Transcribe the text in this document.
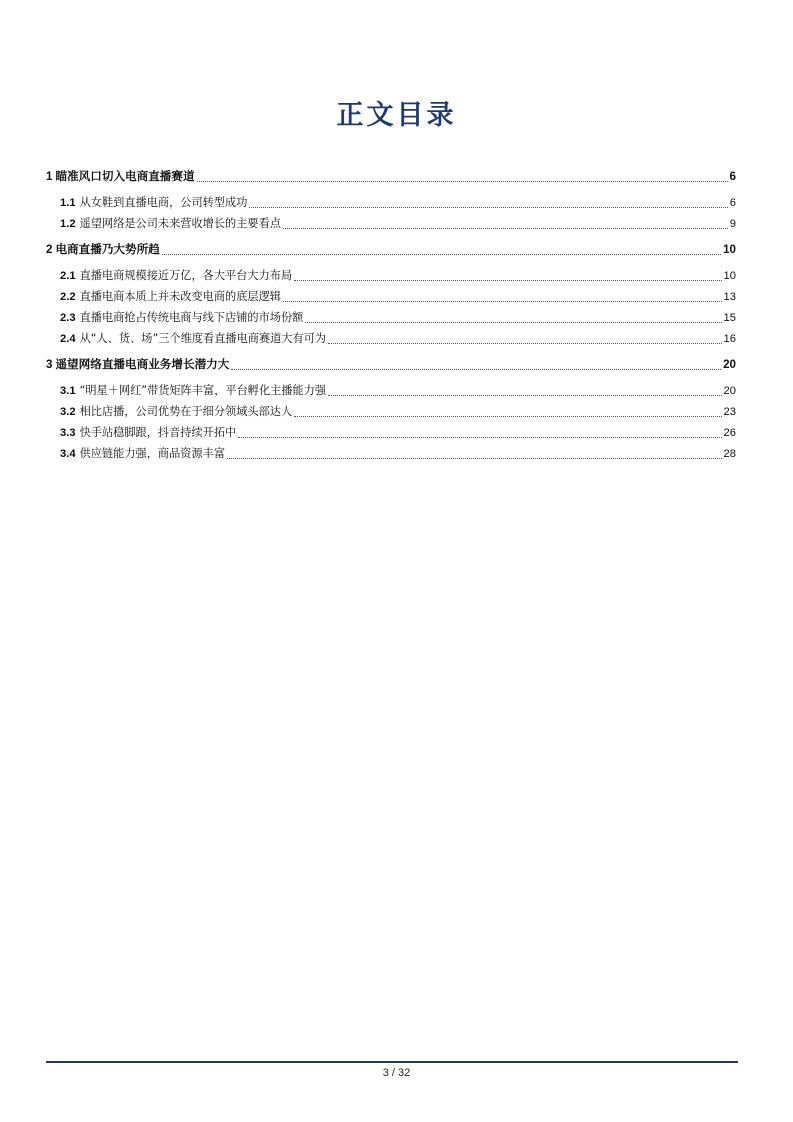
正文目录
1 瞄准风口切入电商直播赛道	6
1.1 从女鞋到直播电商，公司转型成功	6
1.2 遥望网络是公司未来营收增长的主要看点	9
2 电商直播乃大势所趋	10
2.1 直播电商规模接近万亿，各大平台大力布局	10
2.2 直播电商本质上并未改变电商的底层逻辑	13
2.3 直播电商抢占传统电商与线下店铺的市场份额	15
2.4 从“人、货、场”三个维度看直播电商赛道大有可为	16
3 遥望网络直播电商业务增长潜力大	20
3.1 “明星＋网红”带货矩阵丰富，平台孵化主播能力强	20
3.2 相比店播，公司优势在于细分领域头部达人	23
3.3 快手站稳脚跟，抖音持续开拓中	26
3.4 供应链能力强，商品资源丰富	28
3 / 32
